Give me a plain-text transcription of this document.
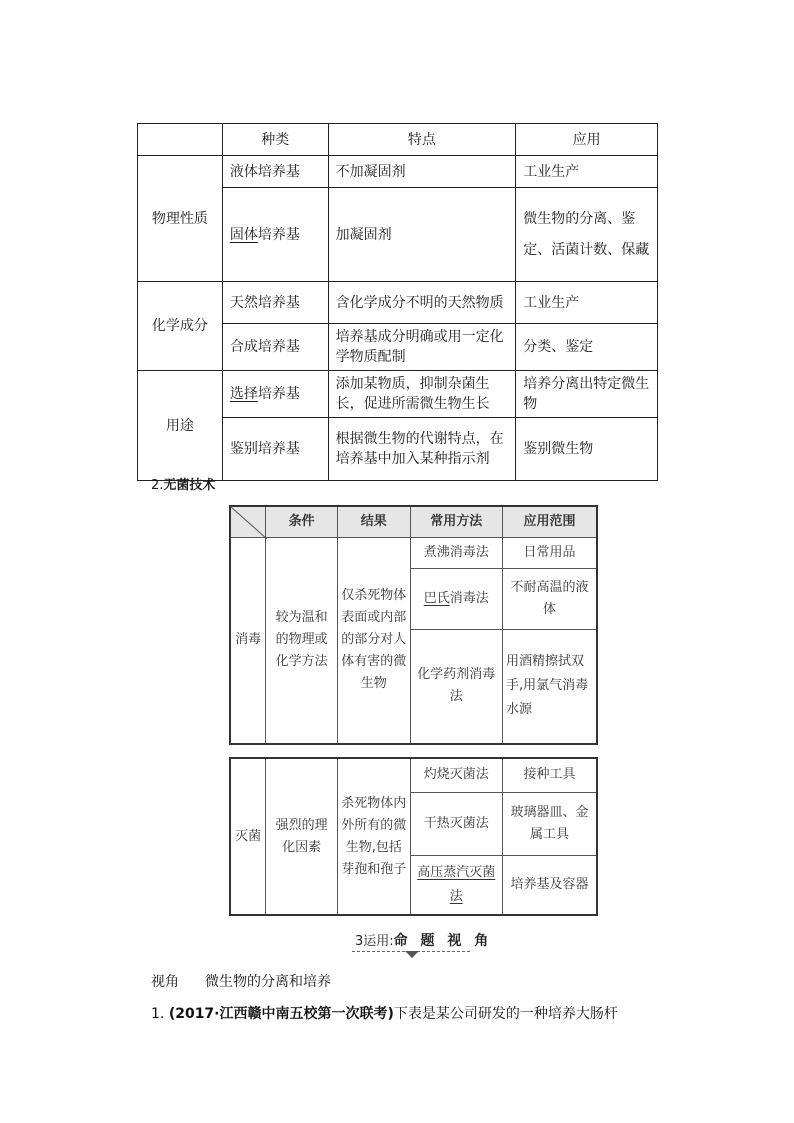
	种类	特点	应用
物理性质	液体培养基	不加凝固剂	工业生产
	固体培养基	加凝固剂	微生物的分离、鉴定、活菌计数、保藏
化学成分	天然培养基	含化学成分不明的天然物质	工业生产
	合成培养基	培养基成分明确或用一定化学物质配制	分类、鉴定
用途	选择培养基	添加某物质，抑制杂菌生长，促进所需微生物生长	培养分离出特定微生物
	鉴别培养基	根据微生物的代谢特点，在培养基中加入某种指示剂	鉴别微生物
2.无菌技术
	条件	结果	常用方法	应用范围
消毒	较为温和的物理或化学方法	仅杀死物体表面或内部的部分对人体有害的微生物	煮沸消毒法	日常用品
			巴氏消毒法	不耐高温的液体
			化学药剂消毒法	用酒精擦拭双手,用氯气消毒水源
灭菌	强烈的理化因素	杀死物体内外所有的微生物,包括芽孢和孢子	灼烧灭菌法	接种工具
			干热灭菌法	玻璃器皿、金属工具
			高压蒸汽灭菌法	培养基及容器
3运用:命 题 视 角
视角 微生物的分离和培养
1. (2017·江西赣中南五校第一次联考)下表是某公司研发的一种培养大肠杆
